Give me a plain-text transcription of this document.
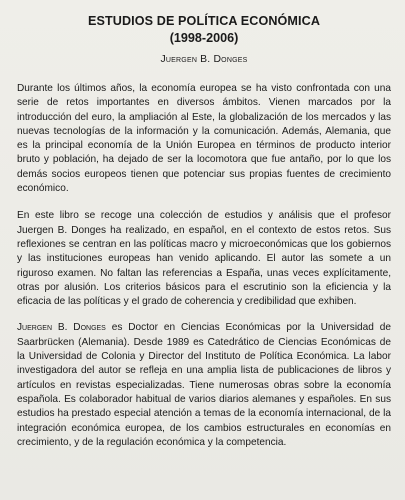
ESTUDIOS DE POLÍTICA ECONÓMICA
(1998-2006)
Juergen B. Donges

Durante los últimos años, la economía europea se ha visto confrontada con una serie de retos importantes en diversos ámbitos. Vienen marcados por la introducción del euro, la ampliación al Este, la globalización de los mercados y las nuevas tecnologías de la información y la comunicación. Además, Alemania, que es la principal economía de la Unión Europea en términos de producto interior bruto y población, ha dejado de ser la locomotora que fue antaño, por lo que los demás socios europeos tienen que potenciar sus propias fuentes de crecimiento económico.

En este libro se recoge una colección de estudios y análisis que el profesor Juergen B. Donges ha realizado, en español, en el contexto de estos retos. Sus reflexiones se centran en las políticas macro y microeconómicas que los gobiernos y las instituciones europeas han venido aplicando. El autor las somete a un riguroso examen. No faltan las referencias a España, unas veces explícitamente, otras por alusión. Los criterios básicos para el escrutinio son la eficiencia y la eficacia de las políticas y el grado de coherencia y credibilidad que exhiben.

Juergen B. Donges es Doctor en Ciencias Económicas por la Universidad de Saarbrücken (Alemania). Desde 1989 es Catedrático de Ciencias Económicas de la Universidad de Colonia y Director del Instituto de Política Económica. La labor investigadora del autor se refleja en una amplia lista de publicaciones de libros y artículos en revistas especializadas. Tiene numerosas obras sobre la economía española. Es colaborador habitual de varios diarios alemanes y españoles. En sus estudios ha prestado especial atención a temas de la economía internacional, de la integración económica europea, de los cambios estructurales en economías en crecimiento, y de la regulación económica y la competencia.
